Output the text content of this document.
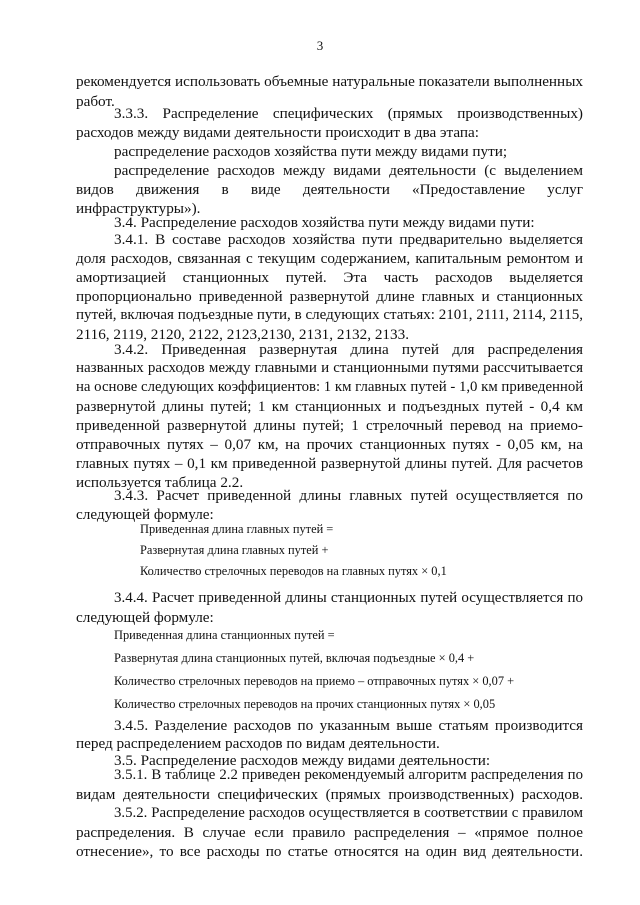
3
рекомендуется использовать объемные натуральные показатели выполненных
работ.
3.3.3. Распределение специфических (прямых производственных)
расходов между видами деятельности происходит в два этапа:
распределение расходов хозяйства пути между видами пути;
распределение расходов между видами деятельности (с выделением
видов движения в виде деятельности «Предоставление услуг
инфраструктуры»).
3.4. Распределение расходов хозяйства пути между видами пути:
3.4.1. В составе расходов хозяйства пути предварительно выделяется
доля расходов, связанная с текущим содержанием, капитальным ремонтом и
амортизацией станционных путей. Эта часть расходов выделяется
пропорционально приведенной развернутой длине главных и станционных
путей, включая подъездные пути, в следующих статьях: 2101, 2111, 2114, 2115,
2116, 2119, 2120, 2122, 2123,2130, 2131, 2132, 2133.
3.4.2. Приведенная развернутая длина путей для распределения
названных расходов между главными и станционными путями рассчитывается
на основе следующих коэффициентов: 1 км главных путей - 1,0 км приведенной
развернутой длины путей; 1 км станционных и подъездных путей - 0,4 км
приведенной развернутой длины путей; 1 стрелочный перевод на приемо-
отправочных путях – 0,07 км, на прочих станционных путях - 0,05 км, на
главных путях – 0,1 км приведенной развернутой длины путей. Для расчетов
используется таблица 2.2.
3.4.3. Расчет приведенной длины главных путей осуществляется по
следующей формуле:
Приведенная длина главных путей =
Развернутая длина главных путей +
Количество стрелочных переводов на главных путях × 0,1
3.4.4. Расчет приведенной длины станционных путей осуществляется по
следующей формуле:
Приведенная длина станционных путей =
Развернутая длина станционных путей, включая подъездные × 0,4 +
Количество стрелочных переводов на приемо – отправочных путях × 0,07 +
Количество стрелочных переводов на прочих станционных путях × 0,05
3.4.5. Разделение расходов по указанным выше статьям производится
перед распределением расходов по видам деятельности.
3.5. Распределение расходов между видами деятельности:
3.5.1. В таблице 2.2 приведен рекомендуемый алгоритм распределения по
видам деятельности специфических (прямых производственных) расходов.
3.5.2. Распределение расходов осуществляется в соответствии с правилом
распределения. В случае если правило распределения – «прямое полное
отнесение», то все расходы по статье относятся на один вид деятельности.
